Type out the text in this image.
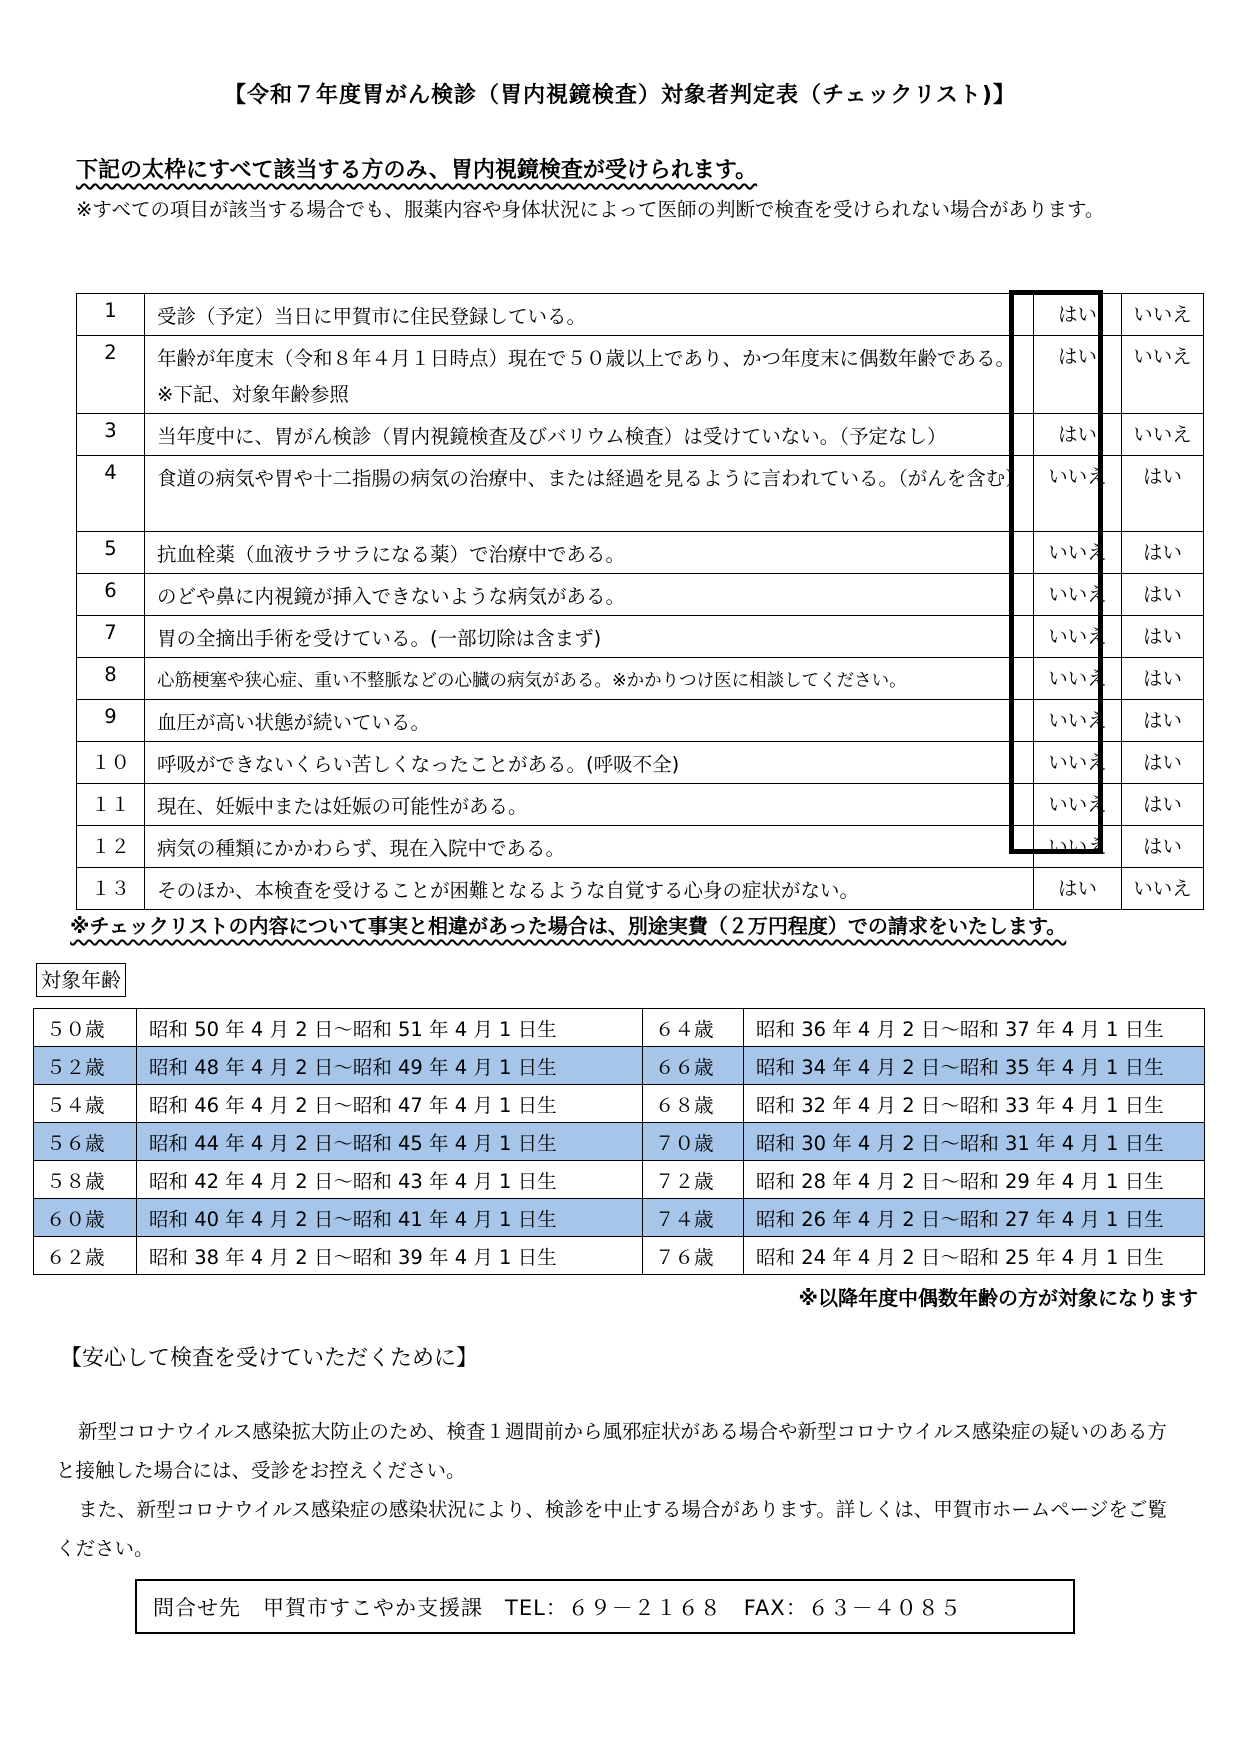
【令和７年度胃がん検診（胃内視鏡検査）対象者判定表（チェックリスト)】
下記の太枠にすべて該当する方のみ、胃内視鏡検査が受けられます。
※すべての項目が該当する場合でも、服薬内容や身体状況によって医師の判断で検査を受けられない場合があります。
1	受診（予定）当日に甲賀市に住民登録している。	はい	いいえ
2	年齢が年度末（令和８年４月１日時点）現在で５０歳以上であり、かつ年度末に偶数年齢である。　※下記、対象年齢参照	はい	いいえ
3	当年度中に、胃がん検診（胃内視鏡検査及びバリウム検査）は受けていない。（予定なし）	はい	いいえ
4	食道の病気や胃や十二指腸の病気の治療中、または経過を見るように言われている。（がんを含む）	いいえ	はい
5	抗血栓薬（血液サラサラになる薬）で治療中である。	いいえ	はい
6	のどや鼻に内視鏡が挿入できないような病気がある。	いいえ	はい
7	胃の全摘出手術を受けている。(一部切除は含まず)	いいえ	はい
8	心筋梗塞や狭心症、重い不整脈などの心臓の病気がある。※かかりつけ医に相談してください。	いいえ	はい
9	血圧が高い状態が続いている。	いいえ	はい
１０	呼吸ができないくらい苦しくなったことがある。(呼吸不全)	いいえ	はい
１１	現在、妊娠中または妊娠の可能性がある。	いいえ	はい
１２	病気の種類にかかわらず、現在入院中である。	いいえ	はい
１３	そのほか、本検査を受けることが困難となるような自覚する心身の症状がない。	はい	いいえ
※チェックリストの内容について事実と相違があった場合は、別途実費（２万円程度）での請求をいたします。
対象年齢
５０歳	昭和 50 年 4 月 2 日～昭和 51 年 4 月 1 日生	６４歳	昭和 36 年 4 月 2 日～昭和 37 年 4 月 1 日生
５２歳	昭和 48 年 4 月 2 日～昭和 49 年 4 月 1 日生	６６歳	昭和 34 年 4 月 2 日～昭和 35 年 4 月 1 日生
５４歳	昭和 46 年 4 月 2 日～昭和 47 年 4 月 1 日生	６８歳	昭和 32 年 4 月 2 日～昭和 33 年 4 月 1 日生
５６歳	昭和 44 年 4 月 2 日～昭和 45 年 4 月 1 日生	７０歳	昭和 30 年 4 月 2 日～昭和 31 年 4 月 1 日生
５８歳	昭和 42 年 4 月 2 日～昭和 43 年 4 月 1 日生	７２歳	昭和 28 年 4 月 2 日～昭和 29 年 4 月 1 日生
６０歳	昭和 40 年 4 月 2 日～昭和 41 年 4 月 1 日生	７４歳	昭和 26 年 4 月 2 日～昭和 27 年 4 月 1 日生
６２歳	昭和 38 年 4 月 2 日～昭和 39 年 4 月 1 日生	７６歳	昭和 24 年 4 月 2 日～昭和 25 年 4 月 1 日生
※以降年度中偶数年齢の方が対象になります
【安心して検査を受けていただくために】

新型コロナウイルス感染拡大防止のため、検査１週間前から風邪症状がある場合や新型コロナウイルス感染症の疑いのある方と接触した場合には、受診をお控えください。

また、新型コロナウイルス感染症の感染状況により、検診を中止する場合があります。詳しくは、甲賀市ホームページをご覧ください。

問合せ先　甲賀市すこやか支援課　TEL：６９－２１６８　FAX：６３－４０８５
